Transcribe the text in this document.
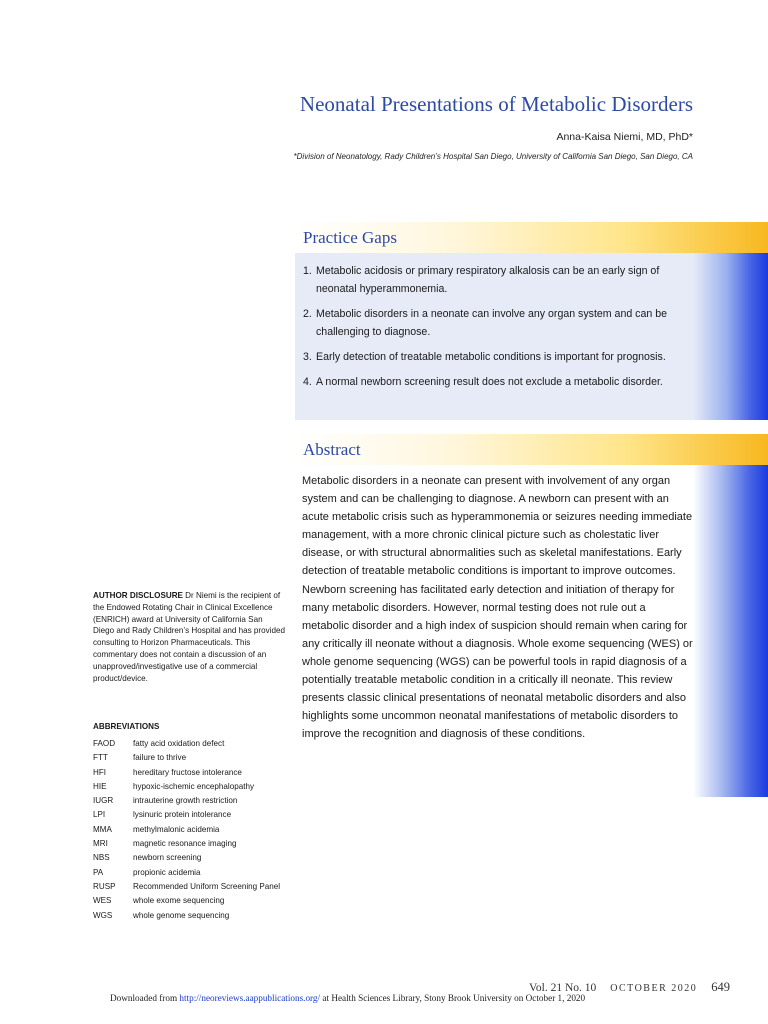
Neonatal Presentations of Metabolic Disorders
Anna-Kaisa Niemi, MD, PhD*
*Division of Neonatology, Rady Children’s Hospital San Diego, University of California San Diego, San Diego, CA
Practice Gaps
1. Metabolic acidosis or primary respiratory alkalosis can be an early sign of neonatal hyperammonemia.
2. Metabolic disorders in a neonate can involve any organ system and can be challenging to diagnose.
3. Early detection of treatable metabolic conditions is important for prognosis.
4. A normal newborn screening result does not exclude a metabolic disorder.
Abstract
Metabolic disorders in a neonate can present with involvement of any organ system and can be challenging to diagnose. A newborn can present with an acute metabolic crisis such as hyperammonemia or seizures needing immediate management, with a more chronic clinical picture such as cholestatic liver disease, or with structural abnormalities such as skeletal manifestations. Early detection of treatable metabolic conditions is important to improve outcomes. Newborn screening has facilitated early detection and initiation of therapy for many metabolic disorders. However, normal testing does not rule out a metabolic disorder and a high index of suspicion should remain when caring for any critically ill neonate without a diagnosis. Whole exome sequencing (WES) or whole genome sequencing (WGS) can be powerful tools in rapid diagnosis of a potentially treatable metabolic condition in a critically ill neonate. This review presents classic clinical presentations of neonatal metabolic disorders and also highlights some uncommon neonatal manifestations of metabolic disorders to improve the recognition and diagnosis of these conditions.
AUTHOR DISCLOSURE Dr Niemi is the recipient of the Endowed Rotating Chair in Clinical Excellence (ENRICH) award at University of California San Diego and Rady Children’s Hospital and has provided consulting to Horizon Pharmaceuticals. This commentary does not contain a discussion of an unapproved/investigative use of a commercial product/device.
ABBREVIATIONS
FAOD	fatty acid oxidation defect
FTT	failure to thrive
HFI	hereditary fructose intolerance
HIE	hypoxic-ischemic encephalopathy
IUGR	intrauterine growth restriction
LPI	lysinuric protein intolerance
MMA	methylmalonic acidemia
MRI	magnetic resonance imaging
NBS	newborn screening
PA	propionic acidemia
RUSP	Recommended Uniform Screening Panel
WES	whole exome sequencing
WGS	whole genome sequencing
Vol. 21 No. 10 OCTOBER 2020 649
Downloaded from http://neoreviews.aappublications.org/ at Health Sciences Library, Stony Brook University on October 1, 2020
